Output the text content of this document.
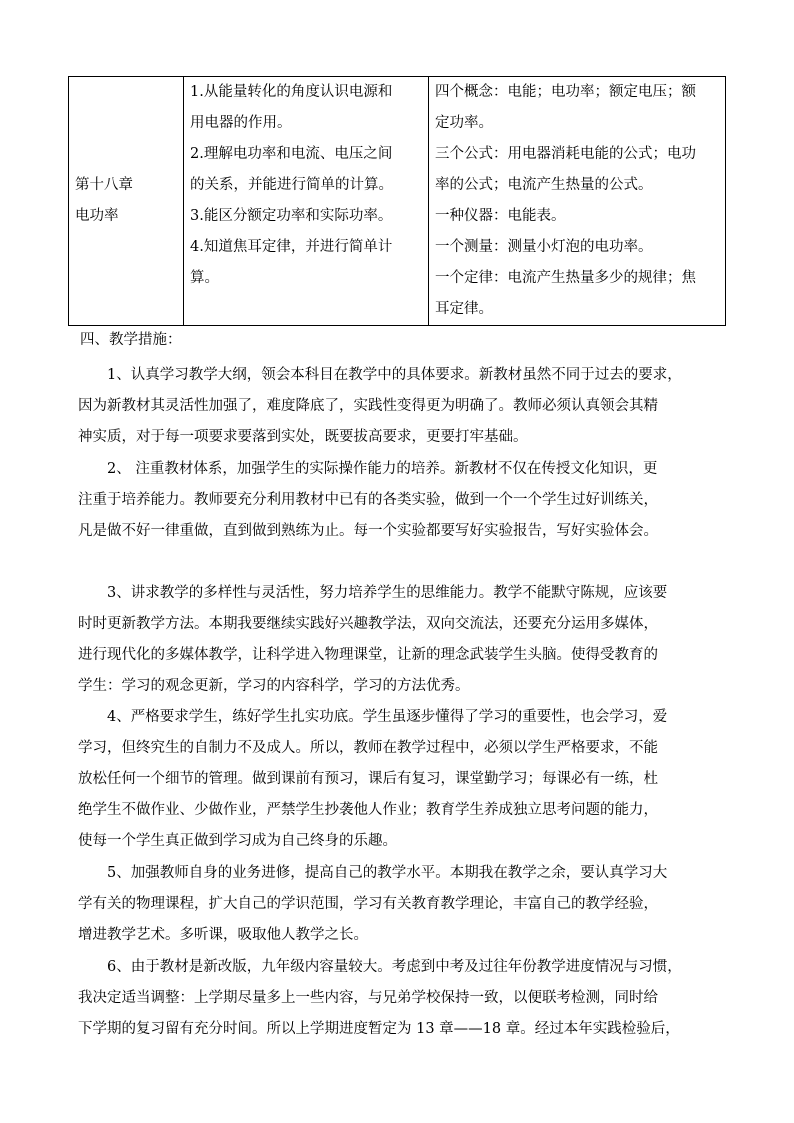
第十八章
电功率

1.从能量转化的角度认识电源和
用电器的作用。
2.理解电功率和电流、电压之间
的关系，并能进行简单的计算。
3.能区分额定功率和实际功率。
4.知道焦耳定律，并进行简单计
算。

四个概念：电能；电功率；额定电压；额
定功率。
三个公式：用电器消耗电能的公式；电功
率的公式；电流产生热量的公式。
一种仪器：电能表。
一个测量：测量小灯泡的电功率。
一个定律：电流产生热量多少的规律；焦
耳定律。
四、教学措施：
　　1、认真学习教学大纲，领会本科目在教学中的具体要求。新教材虽然不同于过去的要求，
因为新教材其灵活性加强了，难度降底了，实践性变得更为明确了。教师必须认真领会其精
神实质，对于每一项要求要落到实处，既要拔高要求，更要打牢基础。
　　2、 注重教材体系，加强学生的实际操作能力的培养。新教材不仅在传授文化知识，更
注重于培养能力。教师要充分利用教材中已有的各类实验，做到一个一个学生过好训练关，
凡是做不好一律重做，直到做到熟练为止。每一个实验都要写好实验报告，写好实验体会。
　　3、讲求教学的多样性与灵活性，努力培养学生的思维能力。教学不能默守陈规，应该要
时时更新教学方法。本期我要继续实践好兴趣教学法，双向交流法，还要充分运用多媒体，
进行现代化的多媒体教学，让科学进入物理课堂，让新的理念武装学生头脑。使得受教育的
学生：学习的观念更新，学习的内容科学，学习的方法优秀。
　　4、严格要求学生，练好学生扎实功底。学生虽逐步懂得了学习的重要性，也会学习，爱
学习，但终究生的自制力不及成人。所以，教师在教学过程中，必须以学生严格要求，不能
放松任何一个细节的管理。做到课前有预习，课后有复习，课堂勤学习；每课必有一练，杜
绝学生不做作业、少做作业，严禁学生抄袭他人作业；教育学生养成独立思考问题的能力，
使每一个学生真正做到学习成为自己终身的乐趣。
　　5、加强教师自身的业务进修，提高自己的教学水平。本期我在教学之余，要认真学习大
学有关的物理课程，扩大自己的学识范围，学习有关教育教学理论，丰富自己的教学经验，
增进教学艺术。多听课，吸取他人教学之长。
　　6、由于教材是新改版，九年级内容量较大。考虑到中考及过往年份教学进度情况与习惯，
我决定适当调整：上学期尽量多上一些内容，与兄弟学校保持一致，以便联考检测，同时给
下学期的复习留有充分时间。所以上学期进度暂定为 13 章——18 章。经过本年实践检验后，
